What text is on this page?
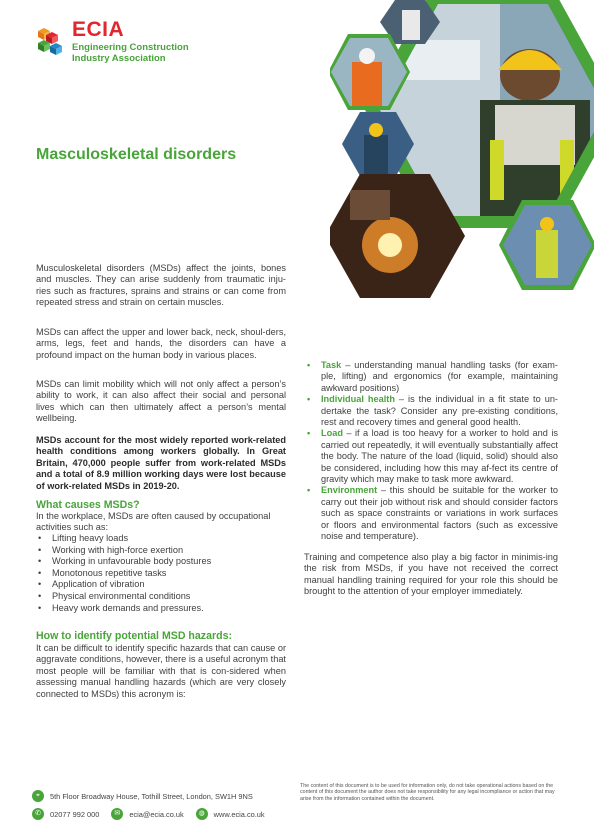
ECIA
Engineering Construction
Industry Association
Masculoskeletal disorders

Musculoskeletal disorders (MSDs) affect the joints, bones and muscles. They can arise suddenly from traumatic inju-ries such as fractures, sprains and strains or can come from repeated stress and strain on certain muscles.

MSDs can affect the upper and lower back, neck, shoul-ders, arms, legs, feet and hands, the disorders can have a profound impact on the human body in various places.

MSDs can limit mobility which will not only affect a person’s ability to work, it can also affect their social and personal lives which can then ultimately affect a person’s mental wellbeing.

MSDs account for the most widely reported work-related health conditions among workers globally. In Great Britain, 470,000 people suffer from work-related MSDs and a total of 8.9 million working days were lost because of work-related MSDs in 2019-20.

What causes MSDs?

In the workplace, MSDs are often caused by occupational activities such as:

• Lifting heavy loads
• Working with high-force exertion
• Working in unfavourable body postures
• Monotonous repetitive tasks
• Application of vibration
• Physical environmental conditions
• Heavy work demands and pressures.
How to identify potential MSD hazards:

It can be difficult to identify specific hazards that can cause or aggravate conditions, however, there is a useful acronym that most people will be familiar with that is con-sidered when assessing manual handling hazards (which are very closely connected to MSDs) this acronym is:

• Task – understanding manual handling tasks (for exam-ple, lifting) and ergonomics (for example, maintaining awkward positions)
• Individual health – is the individual in a fit state to un-dertake the task? Consider any pre-existing conditions, rest and recovery times and general good health.
• Load – if a load is too heavy for a worker to hold and is carried out repeatedly, it will eventually substantially affect the body. The nature of the load (liquid, solid) should also be considered, including how this may af-fect its centre of gravity which may make to task more awkward.
• Environment – this should be suitable for the worker to carry out their job without risk and should consider factors such as space constraints or variations in work surfaces or floors and environmental factors (such as excessive noise and temperature).

Training and competence also play a big factor in minimis-ing the risk from MSDs, if you have not received the correct manual handling training required for your role this should be brought to the attention of your employer immediately.

⌖	5th Floor Broadway House, Tothill Street, London, SW1H 9NS
✆	02077 992 000	✉	ecia@ecia.co.uk	◍	www.ecia.co.uk

The content of this document is to be used for information only, do not take operational actions based on the content of this document the author does not take responsibility for any legal incompliance or action that may arise from the information contained within the document.
